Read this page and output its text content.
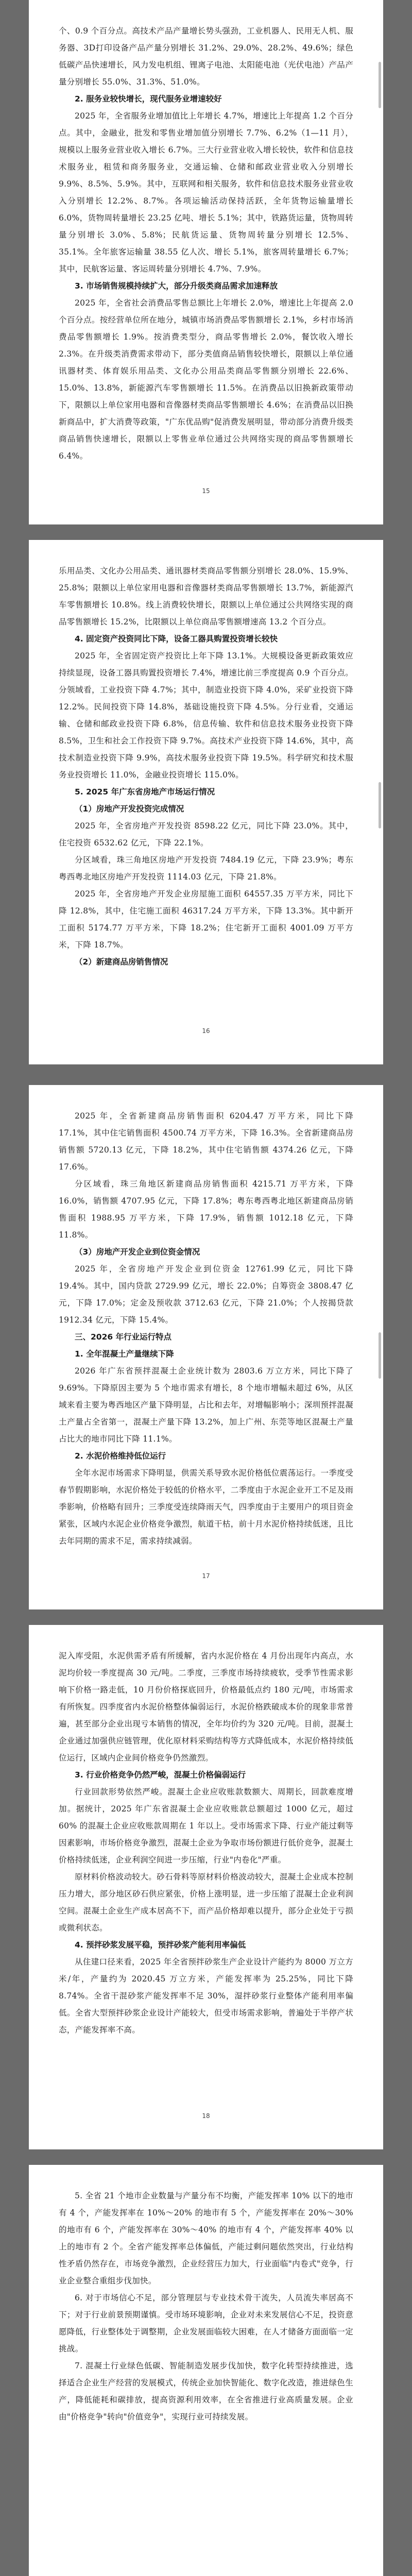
个、0.9 个百分点。高技术产品产量增长势头强劲，工业机器人、民用无人机、服务器、3D打印设备产品产量分别增长 31.2%、29.0%、28.2%、49.6%；绿色低碳产品快速增长，风力发电机组、锂离子电池、太阳能电池（光伏电池）产品产量分别增长 55.0%、31.3%、51.0%。

2. 服务业较快增长，现代服务业增速较好

2025 年，全省服务业增加值比上年增长 4.7%，增速比上年提高 1.2 个百分点。其中，金融业，批发和零售业增加值分别增长 7.7%、6.2%（1—11 月），规模以上服务业营业收入增长 6.7%。三大行业营业收入增长较快，软件和信息技术服务业，租赁和商务服务业，交通运输、仓储和邮政业营业收入分别增长 9.9%、8.5%、5.9%。其中，互联网和相关服务，软件和信息技术服务业营业收入分别增长 12.2%、8.7%。各项运输活动保持活跃，全年货物运输量增长 6.0%，货物周转量增长 23.25 亿吨、增长 5.1%；其中，铁路货运量，货物周转量分别增长 3.0%、5.8%；民航货运量、货物周转量分别增长 12.5%、35.1%。全年旅客运输量 38.55 亿人次、增长 5.1%，旅客周转量增长 6.7%；其中，民航客运量、客运周转量分别增长 4.7%、7.9%。

3. 市场销售规模持续扩大，部分升级类商品需求加速释放

2025 年，全省社会消费品零售总额比上年增长 2.0%，增速比上年提高 2.0 个百分点。按经营单位所在地分，城镇市场消费品零售额增长 2.1%，乡村市场消费品零售额增长 1.9%。按消费类型分，商品零售增长 2.0%，餐饮收入增长 2.3%。在升级类消费需求带动下，部分类值商品销售较快增长，限额以上单位通讯器材类、体育娱乐用品类、文化办公用品类商品零售额分别增长 22.6%、15.0%、13.8%，新能源汽车零售额增长 11.5%。在消费品以旧换新政策带动下，限额以上单位家用电器和音像器材类商品零售额增长 4.6%；在消费品以旧换新商品中，扩大消费等政策，"广东优品购"促消费发展明显，带动部分消费升级类商品销售快速增长，限额以上零售业单位通过公共网络实现的商品零售额增长 6.4%。

15

乐用品类、文化办公用品类、通讯器材类商品零售额分别增长 28.0%、15.9%、25.8%；限额以上单位家用电器和音像器材类商品零售额增长 13.7%，新能源汽车零售额增长 10.8%。线上消费较快增长，限额以上单位通过公共网络实现的商品零售额增长 15.2%，比限额以上单位商品零售额增速高 13.2 个百分点。

4. 固定资产投资同比下降，设备工器具购置投资增长较快

2025 年，全省固定资产投资比上年下降 13.1%。大规模设备更新政策效应持续显现，设备工器具购置投资增长 7.4%，增速比前三季度提高 0.9 个百分点。分领域看，工业投资下降 4.7%；其中，制造业投资下降 4.0%，采矿业投资下降 12.2%。民间投资下降 14.8%，基础设施投资下降 4.5%。分行业看，交通运输、仓储和邮政业投资下降 6.8%，信息传输、软件和信息技术服务业投资下降 8.5%，卫生和社会工作投资下降 9.7%。高技术产业投资下降 14.6%，其中，高技术制造业投资下降 9.9%，高技术服务业投资下降 19.5%。科学研究和技术服务业投资增长 11.0%，金融业投资增长 115.0%。

5. 2025 年广东省房地产市场运行情况

（1）房地产开发投资完成情况

2025 年，全省房地产开发投资 8598.22 亿元，同比下降 23.0%。其中，住宅投资 6532.62 亿元，下降 22.1%。

分区域看，珠三角地区房地产开发投资 7484.19 亿元，下降 23.9%；粤东粤西粤北地区房地产开发投资 1114.03 亿元，下降 21.8%。

2025 年，全省房地产开发企业房屋施工面积 64557.35 万平方米，同比下降 12.8%，其中，住宅施工面积 46317.24 万平方米，下降 13.3%。其中新开工面积 5174.77 万平方米，下降 18.2%；住宅新开工面积 4001.09 万平方米，下降 18.7%。

（2）新建商品房销售情况

16

2025 年，全省新建商品房销售面积 6204.47 万平方米，同比下降 17.1%，其中住宅销售面积 4500.74 万平方米，下降 16.3%。全省新建商品房销售额 5720.13 亿元，下降 18.2%，其中住宅销售额 4374.26 亿元，下降 17.6%。

分区域看，珠三角地区新建商品房销售面积 4215.71 万平方米，下降 16.0%，销售额 4707.95 亿元，下降 17.8%；粤东粤西粤北地区新建商品房销售面积 1988.95 万平方米，下降 17.9%，销售额 1012.18 亿元，下降 11.8%。

（3）房地产开发企业到位资金情况

2025 年，全省房地产开发企业到位资金 12761.99 亿元，同比下降 19.4%。其中，国内贷款 2729.99 亿元，增长 22.0%；自筹资金 3808.47 亿元，下降 17.0%；定金及预收款 3712.63 亿元，下降 21.0%；个人按揭贷款 1912.34 亿元，下降 15.4%。

三、2026 年行业运行特点

1. 全年混凝土产量继续下降

2026 年广东省预拌混凝土企业统计数为 2803.6 万立方米，同比下降了 9.69%。下降原因主要为 5 个地市需求有增长，8 个地市增幅未超过 6%，从区域来看主要为粤西地区产量下降明显，占比和去年，对增幅影响小；深圳预拌混凝土产量占全省第一，混凝土产量下降 13.2%，加上广州、东莞等地区混凝土产量占比大的地市同比下降 11.1%。

2. 水泥价格维持低位运行

全年水泥市场需求下降明显，供需关系导致水泥价格低位震荡运行。一季度受春节假期影响，水泥价格处于较低的价格水平，二季度由于水泥企业开工不足及雨季影响，价格略有回升；三季度受连续降雨天气，四季度由于主要用户的项目资金紧张，区域内水泥企业价格竞争激烈，航道干枯，前十月水泥价格持续低迷，且比去年同期的需求不足，需求持续减弱。

17

泥入库受阻，水泥供需矛盾有所缓解，省内水泥价格在 4 月份出现年内高点，水泥均价较一季度提高 30 元/吨。二季度，三季度市场持续疲软，受季节性需求影响下价格一路走低，10 月份价格探底回升，价格最低点约 180 元/吨，市场需求有所恢复。四季度省内水泥价格整体偏弱运行，水泥价格跌破成本价的现象非常普遍，甚至部分企业出现亏本销售的情况，全年均价约为 320 元/吨。目前，混凝土企业通过加强供应链管理，优化原材料采购结构等方式降低成本，水泥价格持续低位运行，区域内企业间价格竞争仍然激烈。

3. 行业价格竞争仍然严峻，混凝土价格偏弱运行

行业回款形势依然严峻。混凝土企业应收账款数额大、周期长，回款难度增加。据统计，2025 年广东省混凝土企业应收账款总额超过 1000 亿元，超过 60% 的混凝土企业应收账款周期在 1 年以上。受市场需求下降、行业产能过剩等因素影响，市场价格竞争激烈，混凝土企业为争取市场份额进行低价竞争，混凝土价格持续低迷，企业利润空间进一步压缩，行业"内卷化"严重。

原材料价格波动较大。砂石骨料等原材料价格波动较大，混凝土企业成本控制压力增大，部分地区砂石供应紧张，价格上涨明显，进一步压缩了混凝土企业利润空间。混凝土企业生产成本居高不下，而产品价格却难以提升，部分企业处于亏损或微利状态。

4. 预拌砂浆发展平稳，预拌砂浆产能利用率偏低

从住建口径来看，2025 年全省预拌砂浆生产企业设计产能约为 8000 万立方米/年，产量约为 2020.45 万立方米，产能发挥率为 25.25%，同比下降 8.74%。全省干混砂浆产能发挥率不足 30%，湿拌砂浆行业整体产能利用率偏低。全省大型预拌砂浆企业设计产能较大，但受市场需求影响，普遍处于半停产状态，产能发挥率不高。

18

5. 全省 21 个地市企业数量与产量分布不均衡，产能发挥率 10% 以下的地市有 4 个，产能发挥率在 10%～20% 的地市有 5 个，产能发挥率在 20%～30% 的地市有 6 个，产能发挥率在 30%～40% 的地市有 4 个，产能发挥率 40% 以上的地市有 2 个。全省产能发挥率总体偏低，产能过剩问题依然突出，行业结构性矛盾仍然存在，市场竞争激烈，企业经营压力加大，行业面临"内卷式"竞争，行业企业整合重组步伐加快。

6. 对于市场信心不足，部分管理层与专业技术骨干流失，人员流失率居高不下；对于行业前景预期谨慎。受市场环境影响，企业对未来发展信心不足，投资意愿降低，行业整体处于调整期，企业发展面临较大困难，在人才储备方面面临一定挑战。

7. 混凝土行业绿色低碳、智能制造发展步伐加快，数字化转型持续推进，选择适合企业生产经营的发展模式，传统企业加快智能化、数字化改造，推进绿色生产，降低能耗和碳排放，提高资源利用效率，在全省推进行业高质量发展。企业由"价格竞争"转向"价值竞争"，实现行业可持续发展。
